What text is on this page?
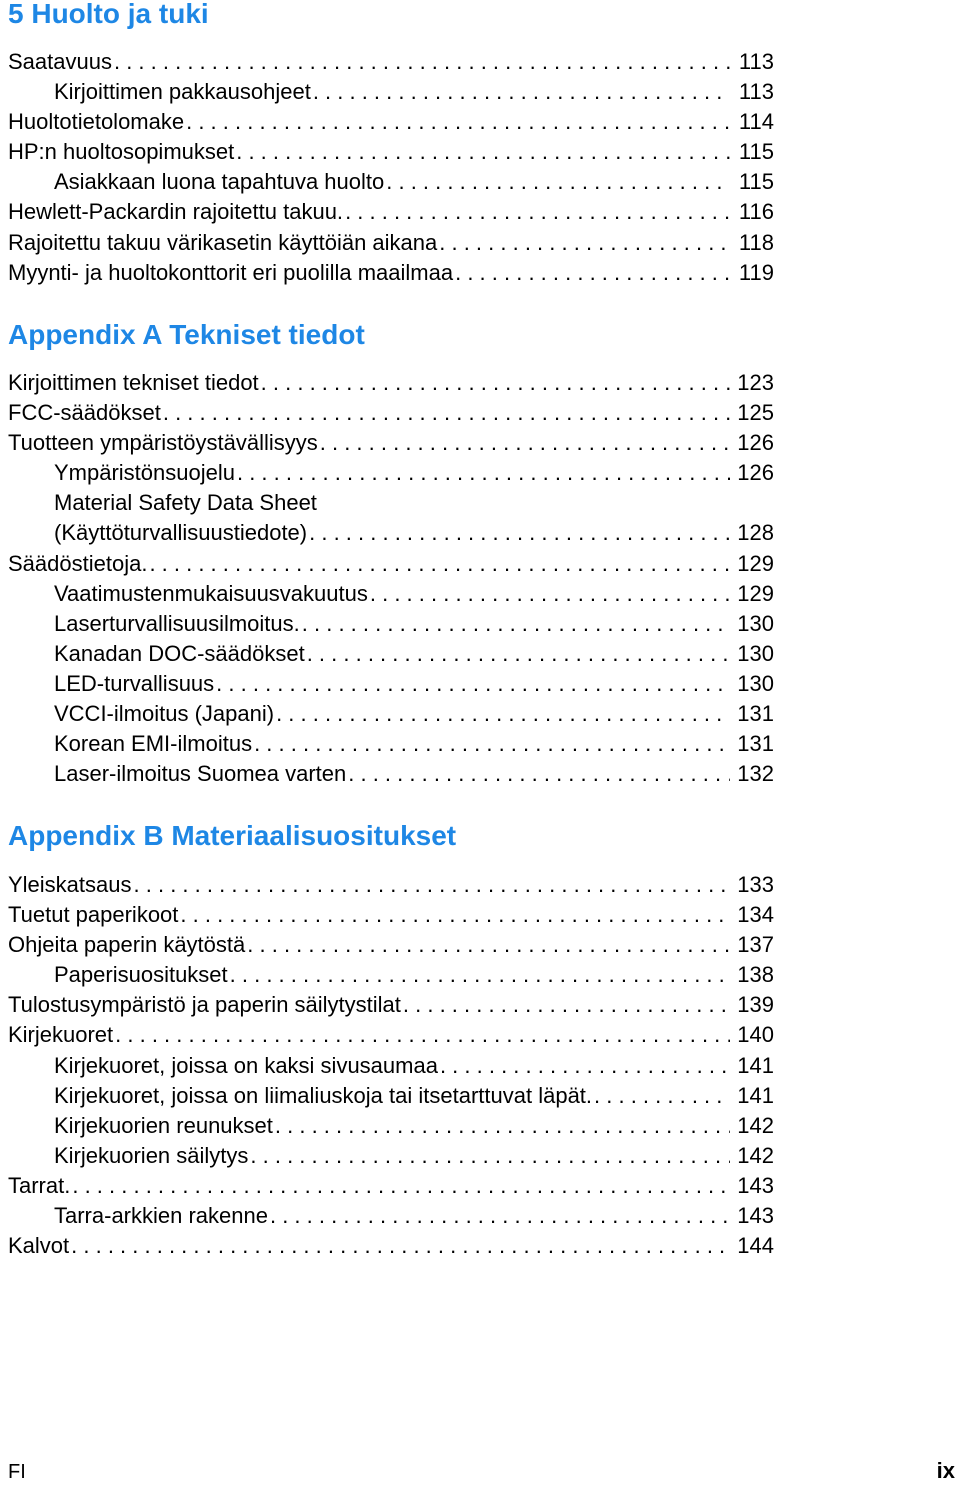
5 Huolto ja tuki
Saatavuus . . .	113
Kirjoittimen pakkausohjeet . . .	113
Huoltotietolomake . . .	114
HP:n huoltosopimukset . . .	115
Asiakkaan luona tapahtuva huolto . . .	115
Hewlett-Packardin rajoitettu takuu. . . .	116
Rajoitettu takuu värikasetin käyttöiän aikana . . .	118
Myynti- ja huoltokonttorit eri puolilla maailmaa . . .	119
Appendix A Tekniset tiedot
Kirjoittimen tekniset tiedot . . .	123
FCC-säädökset . . .	125
Tuotteen ympäristöystävällisyys . . .	126
Ympäristönsuojelu . . .	126
Material Safety Data Sheet
(Käyttöturvallisuustiedote) . . .	128
Säädöstietoja. . . .	129
Vaatimustenmukaisuusvakuutus . . .	129
Laserturvallisuusilmoitus. . . .	130
Kanadan DOC-säädökset . . .	130
LED-turvallisuus . . .	130
VCCI-ilmoitus (Japani) . . .	131
Korean EMI-ilmoitus . . .	131
Laser-ilmoitus Suomea varten . . .	132
Appendix B Materiaalisuositukset
Yleiskatsaus . . .	133
Tuetut paperikoot . . .	134
Ohjeita paperin käytöstä . . .	137
Paperisuositukset . . .	138
Tulostusympäristö ja paperin säilytystilat . . .	139
Kirjekuoret . . .	140
Kirjekuoret, joissa on kaksi sivusaumaa . . .	141
Kirjekuoret, joissa on liimaliuskoja tai itsetarttuvat läpät. . . .	141
Kirjekuorien reunukset . . .	142
Kirjekuorien säilytys . . .	142
Tarrat. . . .	143
Tarra-arkkien rakenne . . .	143
Kalvot . . .	144
FI	ix
